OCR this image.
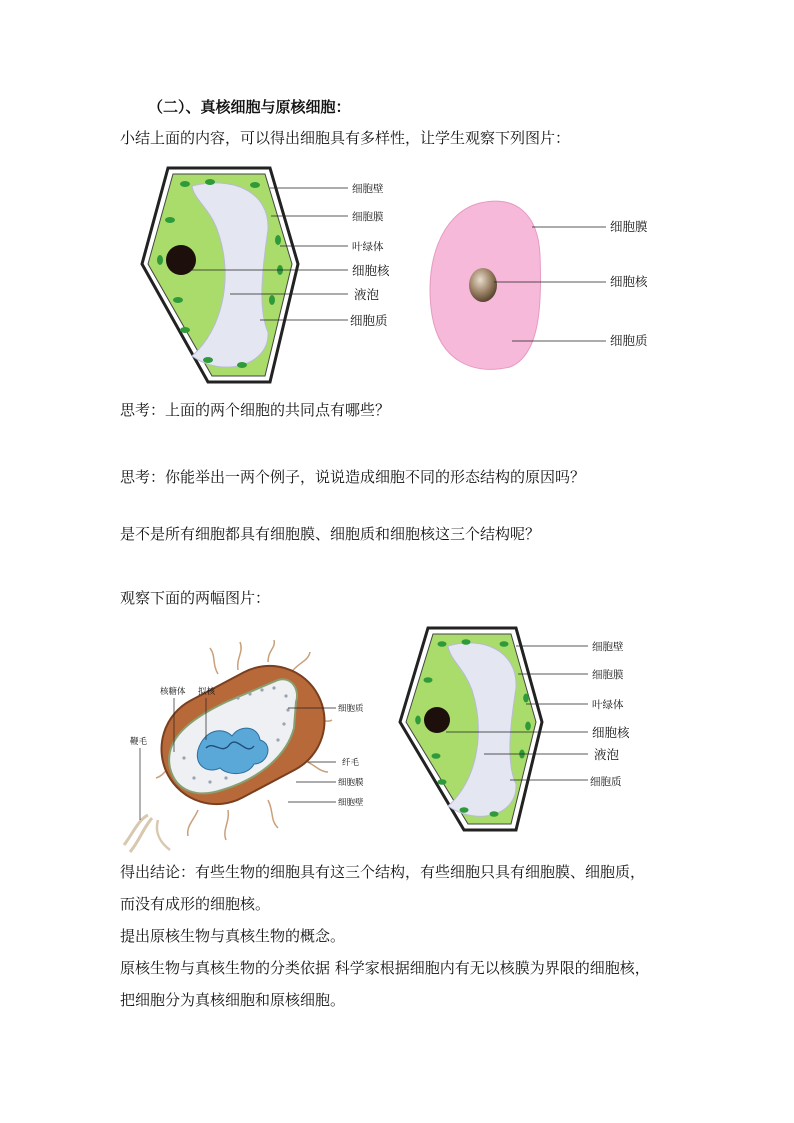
（二）、真核细胞与原核细胞：
小结上面的内容，可以得出细胞具有多样性，让学生观察下列图片：
细胞壁
细胞膜
叶绿体
细胞核
液泡
细胞质
细胞膜
细胞核
细胞质
思考：上面的两个细胞的共同点有哪些？
思考：你能举出一两个例子，说说造成细胞不同的形态结构的原因吗？
是不是所有细胞都具有细胞膜、细胞质和细胞核这三个结构呢？
观察下面的两幅图片：
核糖体 拟核
鞭毛
细胞质
纤毛
细胞膜
细胞壁
细胞壁
细胞膜
叶绿体
细胞核
液泡
细胞质
得出结论：有些生物的细胞具有这三个结构，有些细胞只具有细胞膜、细胞质，
而没有成形的细胞核。
提出原核生物与真核生物的概念。
原核生物与真核生物的分类依据 科学家根据细胞内有无以核膜为界限的细胞核，
把细胞分为真核细胞和原核细胞。
